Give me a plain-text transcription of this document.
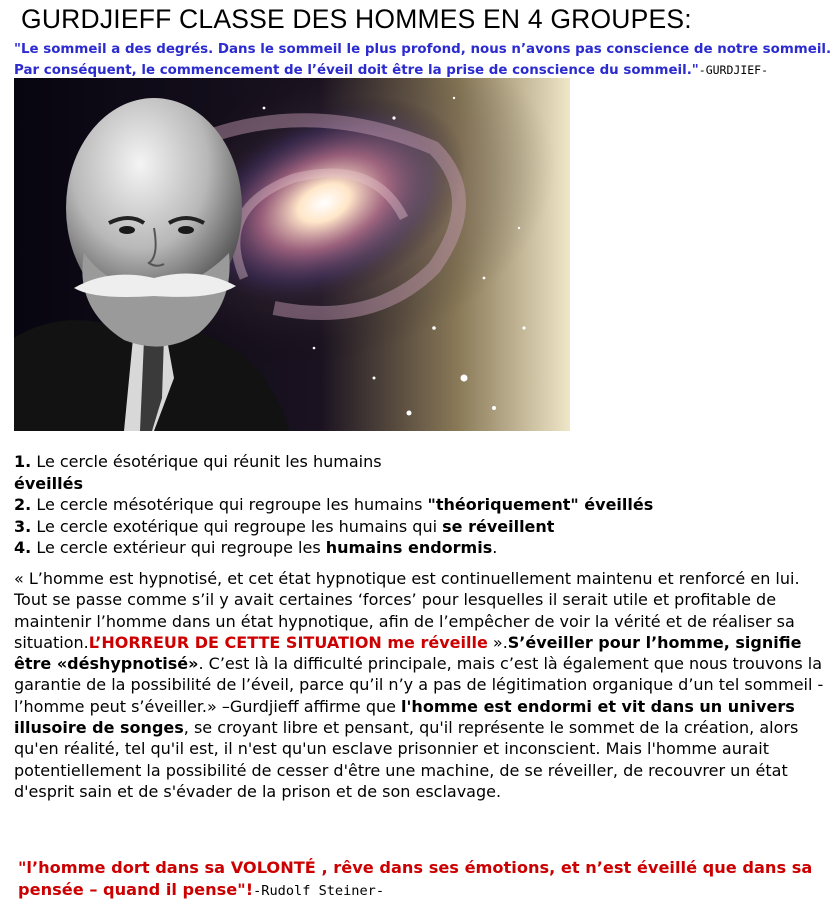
GURDJIEFF CLASSE DES HOMMES EN 4 GROUPES:
"Le sommeil a des degrés. Dans le sommeil le plus profond, nous n’avons pas conscience de notre sommeil.
Par conséquent, le commencement de l’éveil doit être la prise de conscience du sommeil."-GURDJIEF-

1. Le cercle ésotérique qui réunit les humains

éveillés

2. Le cercle mésotérique qui regroupe les humains "théoriquement" éveillés

3. Le cercle exotérique qui regroupe les humains qui se réveillent

4. Le cercle extérieur qui regroupe les humains endormis.

« L’homme est hypnotisé, et cet état hypnotique est continuellement maintenu et renforcé en lui. Tout se passe comme s’il y avait certaines ‘forces’ pour lesquelles il serait utile et profitable de maintenir l’homme dans un état hypnotique, afin de l’empêcher de voir la vérité et de réaliser sa situation.L’HORREUR DE CETTE SITUATION me réveille ».S’éveiller pour l’homme, signifie être «déshypnotisé». C’est là la difficulté principale, mais c’est là également que nous trouvons la garantie de la possibilité de l’éveil, parce qu’il n’y a pas de légitimation organique d’un tel sommeil - l’homme peut s’éveiller.» –Gurdjieff affirme que l'homme est endormi et vit dans un univers illusoire de songes, se croyant libre et pensant, qu'il représente le sommet de la création, alors qu'en réalité, tel qu'il est, il n'est qu'un esclave prisonnier et inconscient. Mais l'homme aurait potentiellement la possibilité de cesser d'être une machine, de se réveiller, de recouvrer un état d'esprit sain et de s'évader de la prison et de son esclavage.
"l’homme dort dans sa VOLONTÉ , rêve dans ses émotions, et n’est éveillé que dans sa pensée – quand il pense"!-Rudolf Steiner-
